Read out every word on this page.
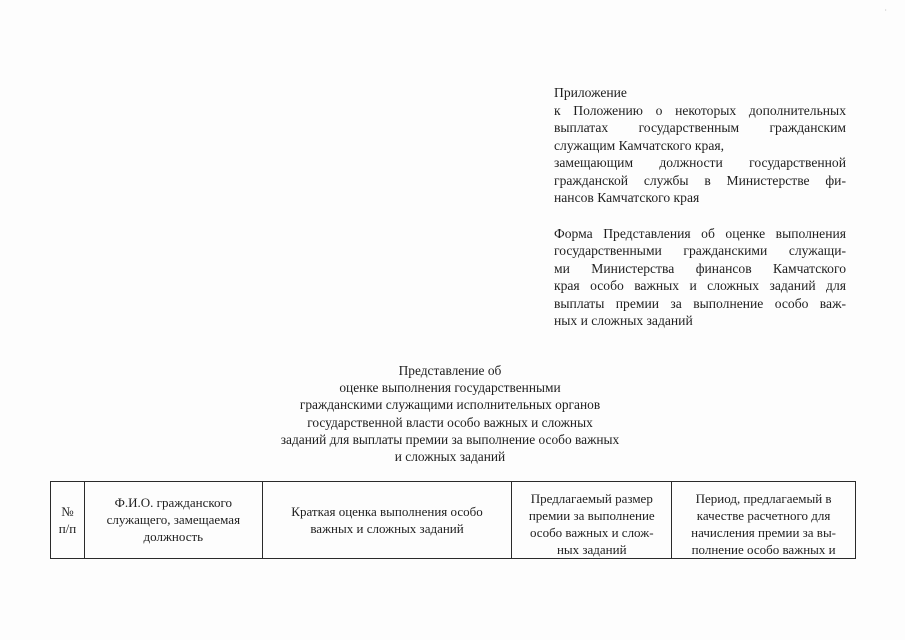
·
Приложение
к Положению о некоторых дополнительных
выплатах государственным гражданским
служащим Камчатского края,
замещающим должности государственной
гражданской службы в Министерстве фи-
нансов Камчатского края
Форма Представления об оценке выполнения
государственными гражданскими служащи-
ми Министерства финансов Камчатского
края особо важных и сложных заданий для
выплаты премии за выполнение особо важ-
ных и сложных заданий
Представление об
оценке выполнения государственными
гражданскими служащими исполнительных органов
государственной власти особо важных и сложных
заданий для выплаты премии за выполнение особо важных
и сложных заданий
№
п/п

Ф.И.О. гражданского
служащего, замещаемая
должность

Краткая оценка выполнения особо
важных и сложных заданий

Предлагаемый размер
премии за выполнение
особо важных и слож-
ных заданий

Период, предлагаемый в
качестве расчетного для
начисления премии за вы-
полнение особо важных и
